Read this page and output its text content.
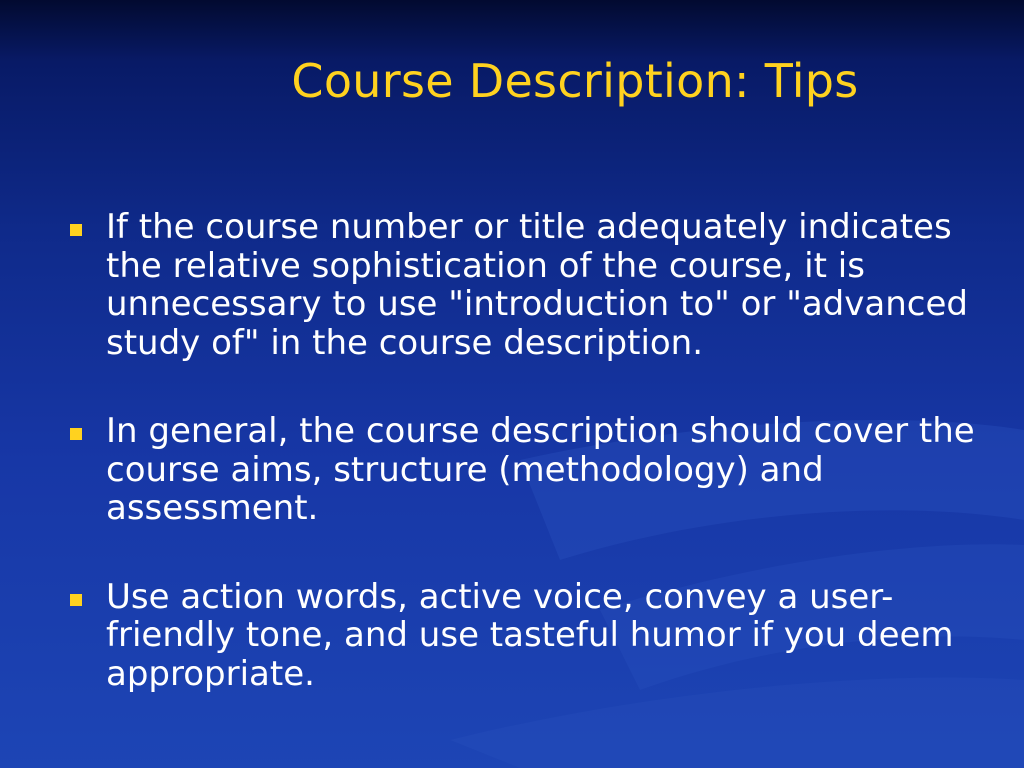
Course Description: Tips
If the course number or title adequately indicates the relative sophistication of the course, it is unnecessary to use "introduction to" or "advanced study of" in the course description.
In general, the course description should cover the course aims, structure (methodology) and assessment.
Use action words, active voice, convey a user-friendly tone, and use tasteful humor if you deem appropriate.
